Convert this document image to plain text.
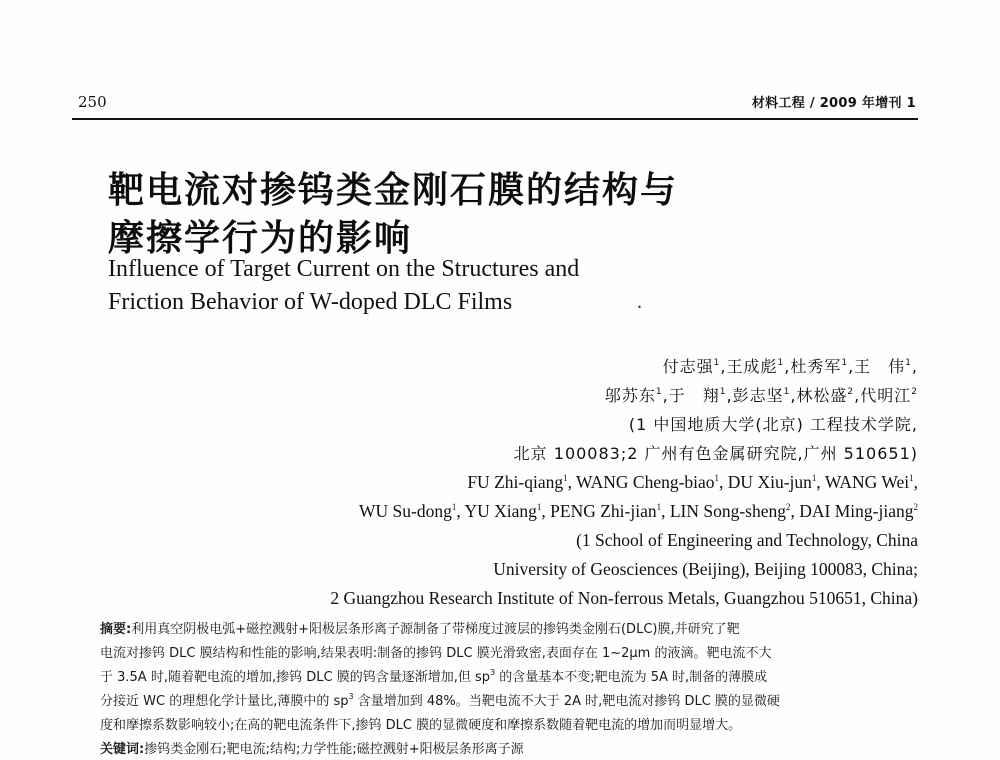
250	材料工程 / 2009 年增刊 1
靶电流对掺钨类金刚石膜的结构与
摩擦学行为的影响
Influence of Target Current on the Structures and
Friction Behavior of W-doped DLC Films	.
付志强$^1$,王成彪$^1$,杜秀军$^1$,王　伟$^1$,
邬苏东$^1$,于　翔$^1$,彭志坚$^1$,林松盛$^2$,代明江$^2$
(1 中国地质大学(北京) 工程技术学院,
北京 100083;2 广州有色金属研究院,广州 510651)
FU Zhi-qiang$^1$, WANG Cheng-biao$^1$, DU Xiu-jun$^1$, WANG Wei$^1$,
WU Su-dong$^1$, YU Xiang$^1$, PENG Zhi-jian$^1$, LIN Song-sheng$^2$, DAI Ming-jiang$^2$
(1 School of Engineering and Technology, China
University of Geosciences (Beijing), Beijing 100083, China;
2 Guangzhou Research Institute of Non-ferrous Metals, Guangzhou 510651, China)
摘要:利用真空阴极电弧+磁控溅射+阳极层条形离子源制备了带梯度过渡层的掺钨类金刚石(DLC)膜,并研究了靶
电流对掺钨 DLC 膜结构和性能的影响,结果表明:制备的掺钨 DLC 膜光滑致密,表面存在 1~2μm 的液滴。靶电流不大
于 3.5A 时,随着靶电流的增加,掺钨 DLC 膜的钨含量逐渐增加,但 $sp^3$ 的含量基本不变;靶电流为 5A 时,制备的薄膜成
分接近 WC 的理想化学计量比,薄膜中的 $sp^3$ 含量增加到 48%。当靶电流不大于 2A 时,靶电流对掺钨 DLC 膜的显微硬
度和摩擦系数影响较小;在高的靶电流条件下,掺钨 DLC 膜的显微硬度和摩擦系数随着靶电流的增加而明显增大。
关键词:掺钨类金刚石;靶电流;结构;力学性能;磁控溅射+阳极层条形离子源
